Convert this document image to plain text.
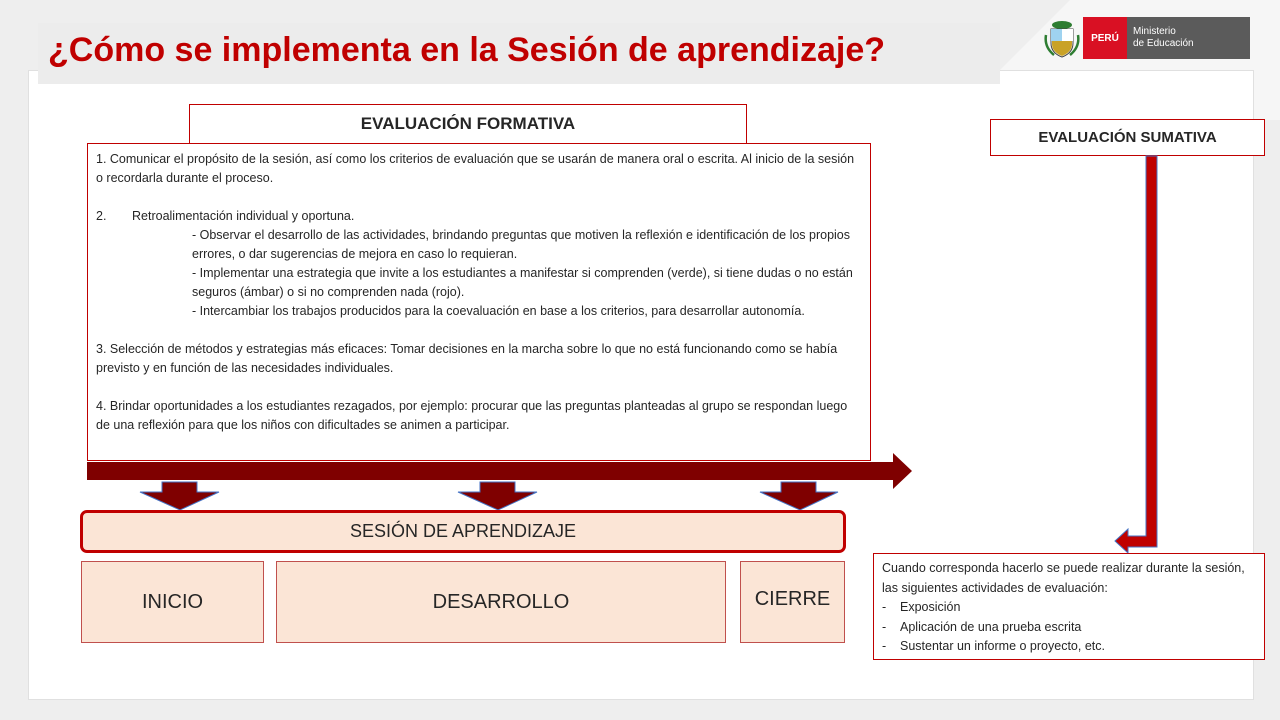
¿Cómo se implementa en la Sesión de aprendizaje?	PERÚ
Ministerio
de Educación
EVALUACIÓN FORMATIVA
EVALUACIÓN SUMATIVA

1. Comunicar el propósito de la sesión, así como los criterios de evaluación que se usarán de manera oral o escrita. Al inicio de la sesión o recordarla durante el proceso.

2. Retroalimentación individual y oportuna.

- Observar el desarrollo de las actividades, brindando preguntas que motiven la reflexión e identificación de los propios errores, o dar sugerencias de mejora en caso lo requieran.

- Implementar una estrategia que invite a los estudiantes a manifestar si comprenden (verde), si tiene dudas o no están seguros (ámbar) o si no comprenden nada (rojo).

- Intercambiar los trabajos producidos para la coevaluación en base a los criterios, para desarrollar autonomía.

3. Selección de métodos y estrategias más eficaces: Tomar decisiones en la marcha sobre lo que no está funcionando como se había previsto y en función de las necesidades individuales.

4. Brindar oportunidades a los estudiantes rezagados, por ejemplo: procurar que las preguntas planteadas al grupo se respondan luego de una reflexión para que los niños con dificultades se animen a participar.

SESIÓN DE APRENDIZAJE
INICIO	DESARROLLO	CIERRE

Cuando corresponda hacerlo se puede realizar durante la sesión, las siguientes actividades de evaluación:

-	Exposición
-	Aplicación de una prueba escrita
-	Sustentar un informe o proyecto, etc.
